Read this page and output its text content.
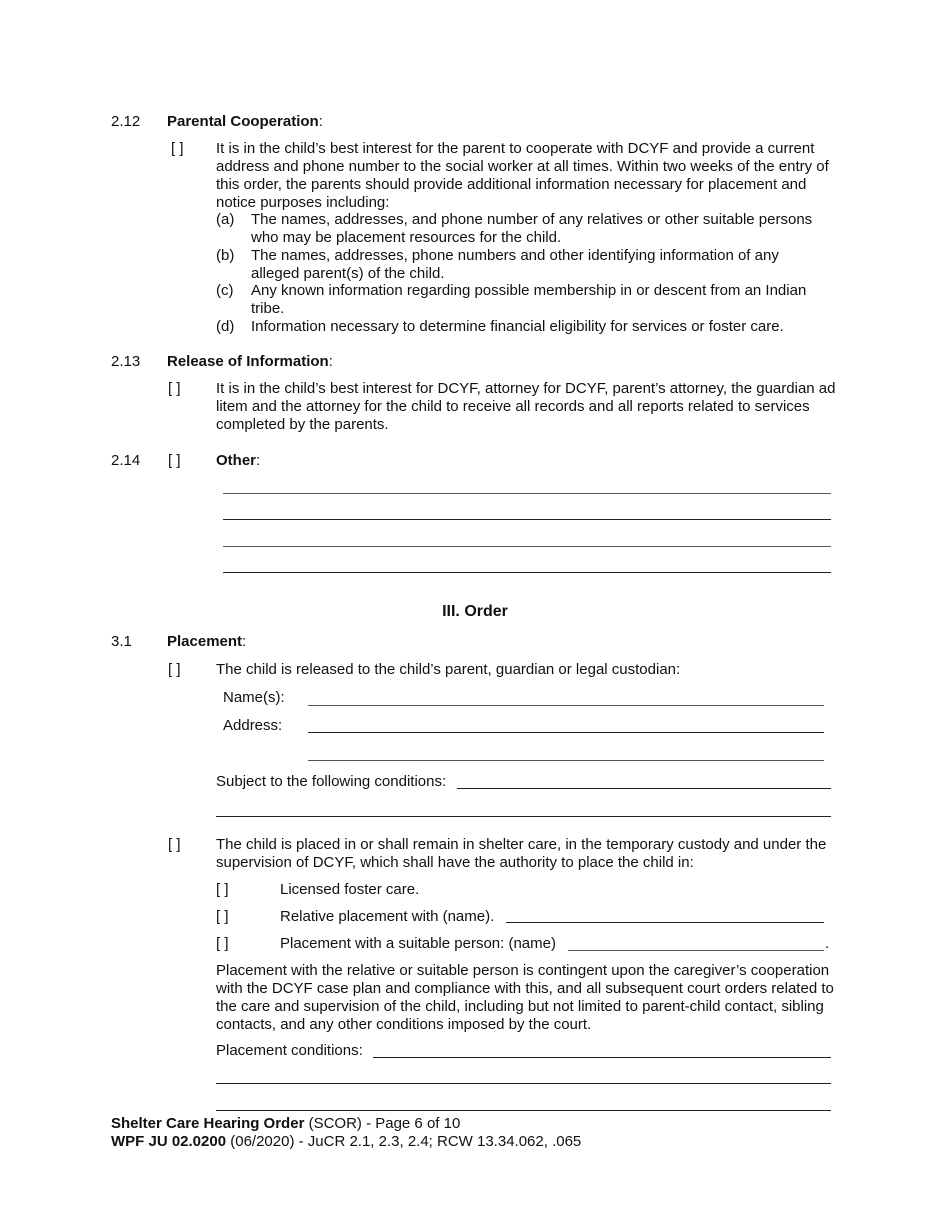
2.12 Parental Cooperation:
[ ] It is in the child’s best interest for the parent to cooperate with DCYF and provide a current address and phone number to the social worker at all times. Within two weeks of the entry of this order, the parents should provide additional information necessary for placement and notice purposes including:
(a) The names, addresses, and phone number of any relatives or other suitable persons who may be placement resources for the child.
(b) The names, addresses, phone numbers and other identifying information of any alleged parent(s) of the child.
(c) Any known information regarding possible membership in or descent from an Indian tribe.
(d) Information necessary to determine financial eligibility for services or foster care.
2.13 Release of Information:
[ ] It is in the child’s best interest for DCYF, attorney for DCYF, parent’s attorney, the guardian ad litem and the attorney for the child to receive all records and all reports related to services completed by the parents.
2.14 [ ] Other:
III. Order
3.1 Placement:
[ ] The child is released to the child’s parent, guardian or legal custodian:
Name(s):
Address:
Subject to the following conditions:
[ ] The child is placed in or shall remain in shelter care, in the temporary custody and under the supervision of DCYF, which shall have the authority to place the child in:
[ ]	Licensed foster care.
[ ]	Relative placement with (name).
[ ]	Placement with a suitable person: (name)	.
Placement with the relative or suitable person is contingent upon the caregiver’s cooperation with the DCYF case plan and compliance with this, and all subsequent court orders related to the care and supervision of the child, including but not limited to parent-child contact, sibling contacts, and any other conditions imposed by the court.
Placement conditions:
Shelter Care Hearing Order (SCOR) - Page 6 of 10
WPF JU 02.0200 (06/2020) - JuCR 2.1, 2.3, 2.4; RCW 13.34.062, .065
